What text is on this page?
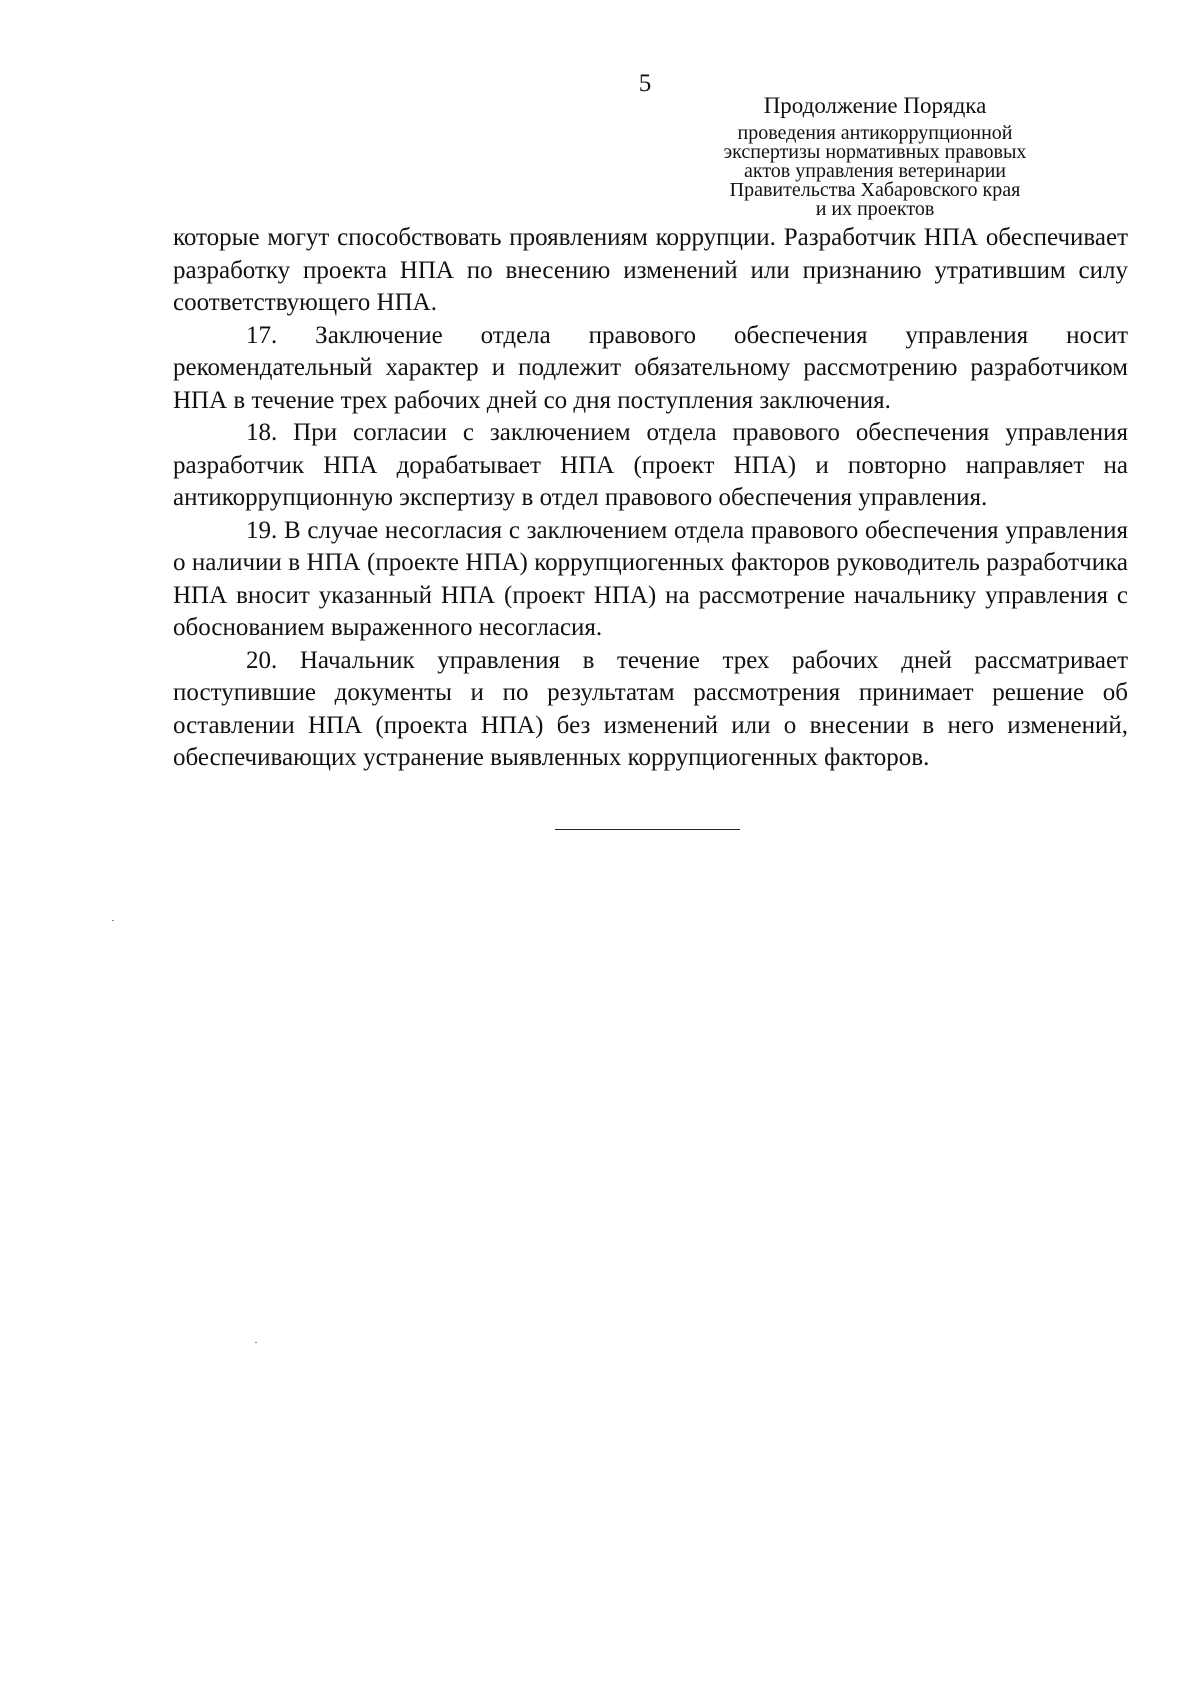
5
Продолжение Порядка
проведения антикоррупционной
экспертизы нормативных правовых
актов управления ветеринарии
Правительства Хабаровского края
и их проектов

которые могут способствовать проявлениям коррупции. Разработчик НПА обеспечивает разработку проекта НПА по внесению изменений или признанию утратившим силу соответствующего НПА.

17. Заключение отдела правового обеспечения управления носит рекомендательный характер и подлежит обязательному рассмотрению разработчиком НПА в течение трех рабочих дней со дня поступления заключения.

18. При согласии с заключением отдела правового обеспечения управления разработчик НПА дорабатывает НПА (проект НПА) и повторно направляет на антикоррупционную экспертизу в отдел правового обеспечения управления.

19. В случае несогласия с заключением отдела правового обеспечения управления о наличии в НПА (проекте НПА) коррупциогенных факторов руководитель разработчика НПА вносит указанный НПА (проект НПА) на рассмотрение начальнику управления с обоснованием выраженного несогласия.

20. Начальник управления в течение трех рабочих дней рассматривает поступившие документы и по результатам рассмотрения принимает решение об оставлении НПА (проекта НПА) без изменений или о внесении в него изменений, обеспечивающих устранение выявленных коррупциогенных факторов.
